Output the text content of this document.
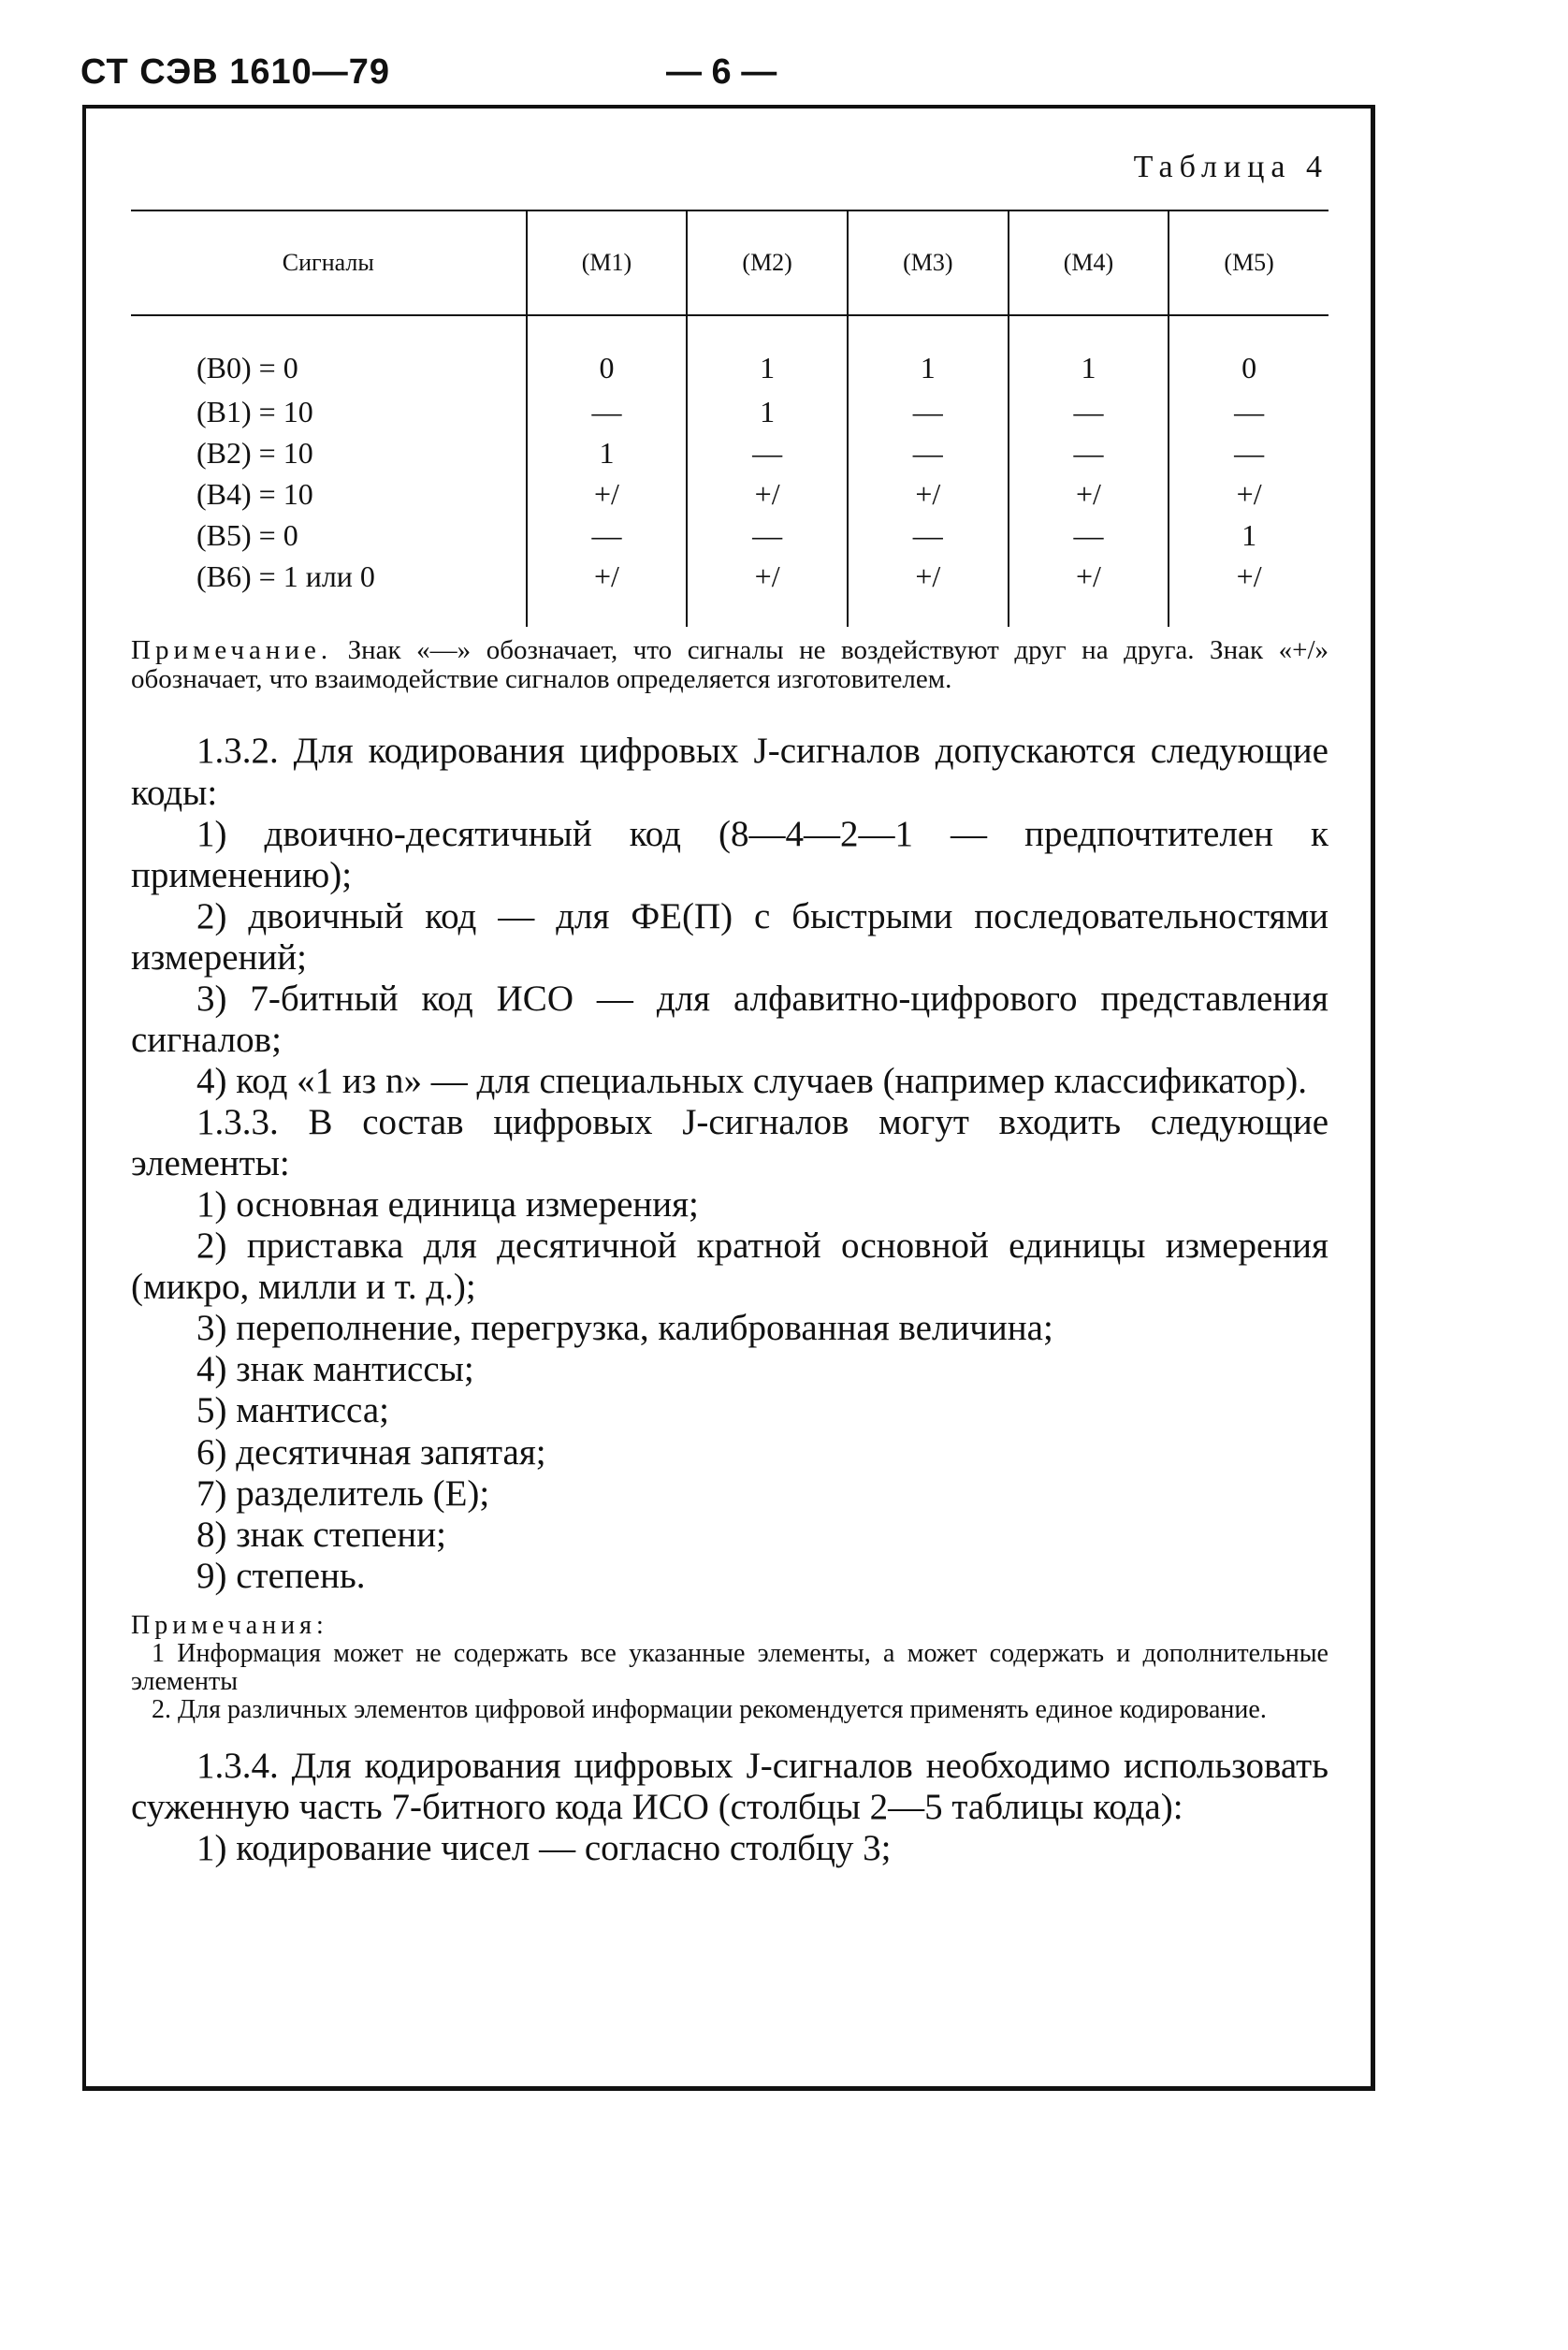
СТ СЭВ 1610—79	— 6 —
Таблица 4
Сигналы	(М1)	(М2)	(М3)	(М4)	(М5)
(В0) = 0	0	1	1	1	0
(В1) = 10	—	1	—	—	—
(В2) = 10	1	—	—	—	—
(В4) = 10	+/	+/	+/	+/	+/
(В5) = 0	—	—	—	—	1
(В6) = 1 или 0	+/	+/	+/	+/	+/

Примечание. Знак «—» обозначает, что сигналы не воздействуют друг на друга. Знак «+/» обозначает, что взаимодействие сигналов определяется изготовителем.

1.3.2. Для кодирования цифровых J-сигналов допускаются следующие коды:

1) двоично-десятичный код (8—4—2—1 — предпочтителен к применению);

2) двоичный код — для ФЕ(П) с быстрыми последовательностями измерений;

3) 7-битный код ИСО — для алфавитно-цифрового представления сигналов;

4) код «1 из n» — для специальных случаев (например классификатор).

1.3.3. В состав цифровых J-сигналов могут входить следующие элементы:

1) основная единица измерения;

2) приставка для десятичной кратной основной единицы измерения (микро, милли и т. д.);

3) переполнение, перегрузка, калиброванная величина;

4) знак мантиссы;

5) мантисса;

6) десятичная запятая;

7) разделитель (Е);

8) знак степени;

9) степень.

Примечания:

1 Информация может не содержать все указанные элементы, а может содержать и дополнительные элементы

2. Для различных элементов цифровой информации рекомендуется применять единое кодирование.

1.3.4. Для кодирования цифровых J-сигналов необходимо использовать суженную часть 7-битного кода ИСО (столбцы 2—5 таблицы кода):

1) кодирование чисел — согласно столбцу 3;
